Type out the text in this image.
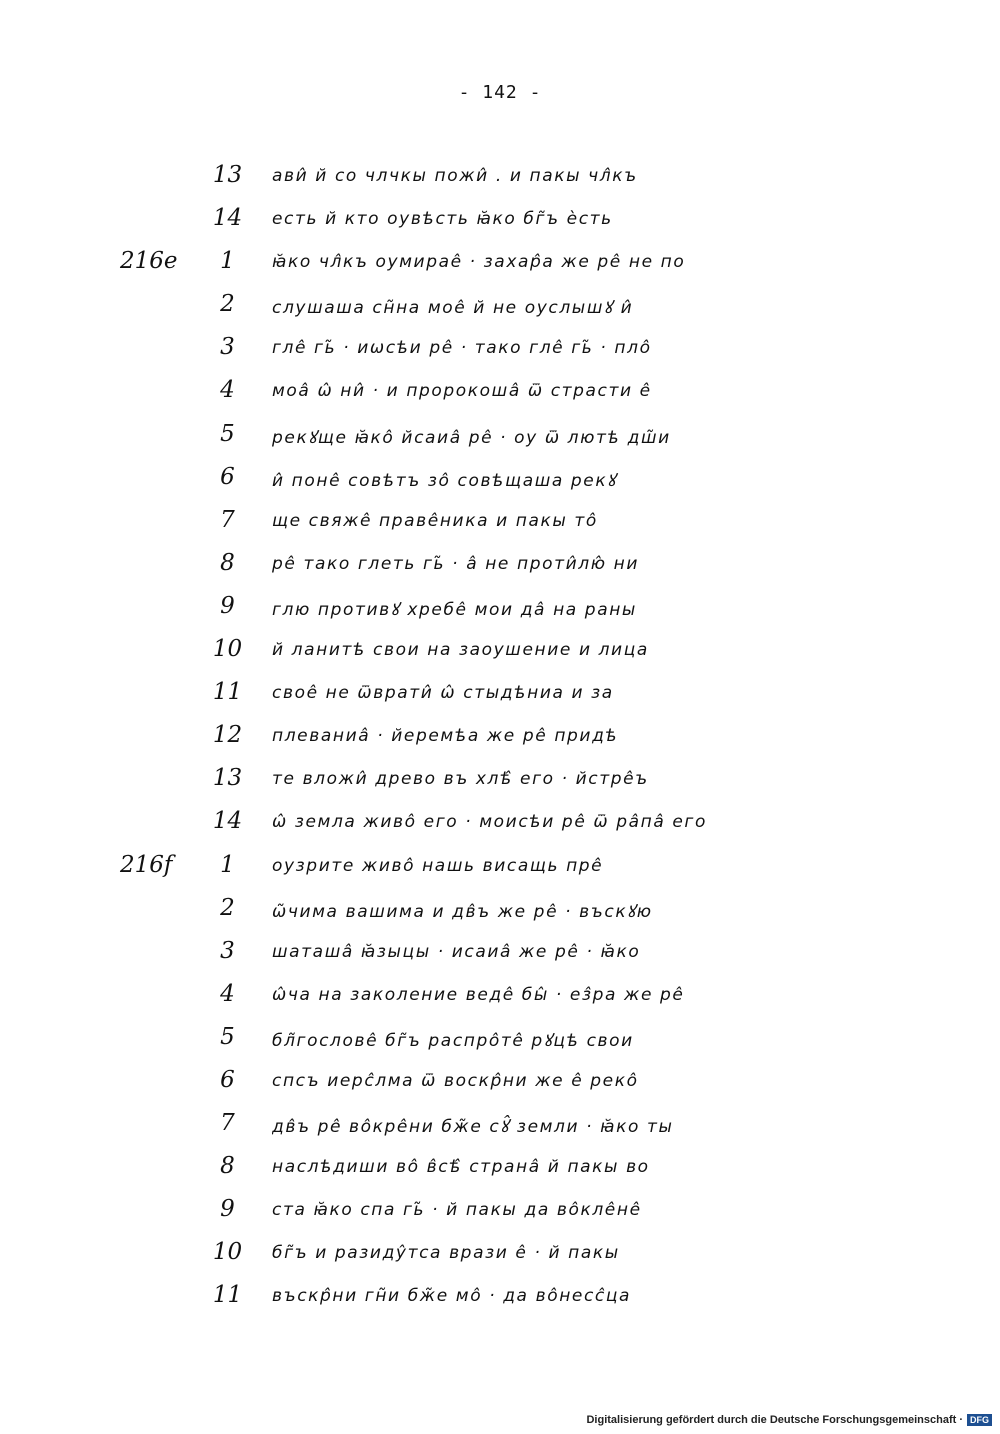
- 142 -
13	ави̂ й со члчкы пожи̂ . и пакы чл̂къ
14	есть й кто оувѣсть ꙗ̆ко бг̃ъ ѐсть
216е	1	ꙗ̆ко чл̂къ оумирае̂ · захар̂а же ре̂ не по
2	слушаша сн̃на мое̂ й не оуслышꙋ и̂
3	гле̂ гь̃ · иѡсѣи ре̂ · тако гле̂ гь̃ · пло̂
4	моа̂ ѡ̂ ни̂ · и пророкоша̂ ѿ страсти е̂
5	рекꙋще ꙗ̆ко̂ йсаиа̂ ре̂ · оу ѿ лютѣ дш̃и
6	и̂ поне̂ совѣтъ зо̂ совѣщаша рекꙋ
7	ще свяже̂ праве̂ника и пакы то̂
8	ре̂ тако глеть гь̃ · а̂ не проти̂лю̂ ни
9	глю противꙋ хребе̂ мои да̂ на раны
10	й ланитѣ свои на заоушение и лица
11	свое̂ не ѿврати̂ ѡ̂ стыдѣниа и за
12	плеваниа̂ · йеремѣа же ре̂ придѣ
13	те вложи̂ древо въ хлѣ̂ его · йстре̂ъ
14	ѡ̂ земла живо̂ его · моисѣи ре̂ ѿ ра̂па̂ его
216f	1	оузрите живо̂ нашь висащь пре̂
2	ѡ̃чима вашима и дв̂ъ же ре̂ · въскꙋю
3	шаташа̂ ꙗ̆зыцы · исаиа̂ же ре̂ · ꙗ̆ко
4	ѡ̂ча на заколение веде̂ бы̂ · ез̂ра же ре̂
5	бл̃гослове̂ бг̃ъ распро̂те̂ рꙋцѣ свои
6	спсъ иерс̂лма ѿ воскр̂ни же е̂ реко̂
7	дв̂ъ ре̂ во̂кре̂ни бж̃е сꙋ̂ земли · ꙗ̆ко ты
8	наслѣдиши во̂ в̂сѣ̂ страна̂ й пакы во
9	ста ꙗ̆ко спа гь̃ · й пакы да во̂кле̂не̂
10	бг̃ъ и разиду̂тса врази е̂ · й пакы
11	въскр̂ни гн̃и бж̃е мо̂ · да во̂несс̂ца
Digitalisierung gefördert durch die Deutsche Forschungsgemeinschaft · DFG
